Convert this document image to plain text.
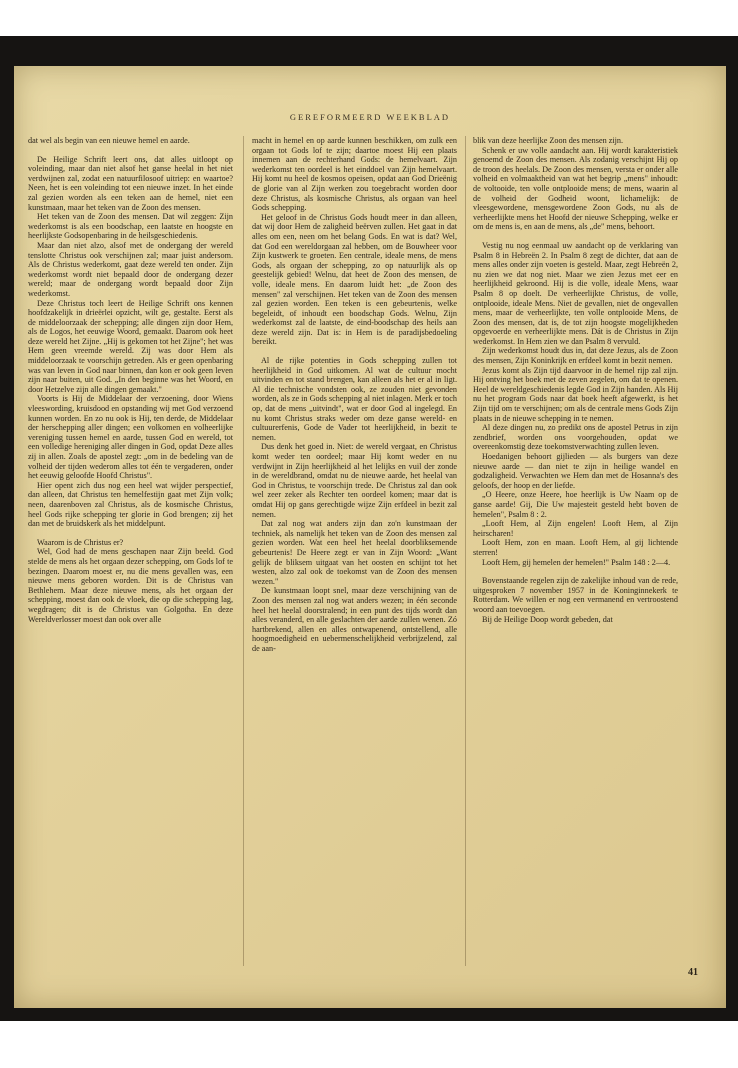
GEREFORMEERD WEEKBLAD

dat wel als begin van een nieuwe hemel en aarde.

De Heilige Schrift leert ons, dat alles uitloopt op voleinding, maar dan niet alsof het ganse heelal in het niet verdwijnen zal, zodat een natuurfilosoof uitriep: en waartoe? Neen, het is een voleinding tot een nieuwe inzet. In het einde zal gezien worden als een teken aan de hemel, niet een kunstmaan, maar het teken van de Zoon des mensen.

Het teken van de Zoon des mensen. Dat wil zeggen: Zijn wederkomst is als een boodschap, een laatste en hoogste en heerlijkste Godsopenbaring in de heilsgeschiedenis.

Maar dan niet alzo, alsof met de ondergang der wereld tenslotte Christus ook verschijnen zal; maar juist andersom. Als de Christus wederkomt, gaat deze wereld ten onder. Zijn wederkomst wordt niet bepaald door de ondergang dezer wereld; maar de ondergang wordt bepaald door Zijn wederkomst.

Deze Christus toch leert de Heilige Schrift ons kennen hoofdzakelijk in drieërlei opzicht, wilt ge, gestalte. Eerst als de middeloorzaak der schepping; alle dingen zijn door Hem, als de Logos, het eeuwige Woord, gemaakt. Daarom ook heet deze wereld het Zijne. „Hij is gekomen tot het Zijne"; het was Hem geen vreemde wereld. Zij was door Hem als middeloorzaak te voorschijn getreden. Als er geen openbaring was van leven in God naar binnen, dan kon er ook geen leven zijn naar buiten, uit God. „In den beginne was het Woord, en door Hetzelve zijn alle dingen gemaakt."

Voorts is Hij de Middelaar der verzoening, door Wiens vleeswording, kruisdood en opstanding wij met God verzoend kunnen worden. En zo nu ook is Hij, ten derde, de Middelaar der herschepping aller dingen; een volkomen en volheerlijke vereniging tussen hemel en aarde, tussen God en wereld, tot een volledige hereniging aller dingen in God, opdat Deze alles zij in allen. Zoals de apostel zegt: „om in de bedeling van de volheid der tijden wederom alles tot één te vergaderen, onder het eeuwig geloofde Hoofd Christus".

Hier opent zich dus nog een heel wat wijder perspectief, dan alleen, dat Christus ten hemelfestijn gaat met Zijn volk; neen, daarenboven zal Christus, als de kosmische Christus, heel Gods rijke schepping ter glorie in God brengen; zij het dan met de bruidskerk als het middelpunt.

Waarom is de Christus er?

Wel, God had de mens geschapen naar Zijn beeld. God stelde de mens als het orgaan dezer schepping, om Gods lof te bezingen. Daarom moest er, nu die mens gevallen was, een nieuwe mens geboren worden. Dit is de Christus van Bethlehem. Maar deze nieuwe mens, als het orgaan der schepping, moest dan ook de vloek, die op die schepping lag, wegdragen; dit is de Christus van Golgotha. En deze Wereldverlosser moest dan ook over alle

macht in hemel en op aarde kunnen beschikken, om zulk een orgaan tot Gods lof te zijn; daartoe moest Hij een plaats innemen aan de rechterhand Gods: de hemelvaart. Zijn wederkomst ten oordeel is het einddoel van Zijn hemelvaart. Hij komt nu heel de kosmos opeisen, opdat aan God Drieënig de glorie van al Zijn werken zou toegebracht worden door deze Christus, als kosmische Christus, als orgaan van heel Gods schepping.

Het geloof in de Christus Gods houdt meer in dan alleen, dat wij door Hem de zaligheid beërven zullen. Het gaat in dat alles om een, neen om het belang Gods. En wat is dat? Wel, dat God een wereldorgaan zal hebben, om de Bouwheer voor Zijn kustwerk te groeten. Een centrale, ideale mens, de mens Gods, als orgaan der schepping, zo op natuurlijk als op geestelijk gebied! Welnu, dat heet de Zoon des mensen, de volle, ideale mens. En daarom luidt het: „de Zoon des mensen" zal verschijnen. Het teken van de Zoon des mensen zal gezien worden. Een teken is een gebeurtenis, welke begeleidt, of inhoudt een boodschap Gods. Welnu, Zijn wederkomst zal de laatste, de eind-boodschap des heils aan deze wereld zijn. Dat is: in Hem is de paradijsbedoeling bereikt.

Al de rijke potenties in Gods schepping zullen tot heerlijkheid in God uitkomen. Al wat de cultuur mocht uitvinden en tot stand brengen, kan alleen als het er al in ligt. Al die technische vondsten ook, ze zouden niet gevonden worden, als ze in Gods schepping al niet inlagen. Merk er toch op, dat de mens „uitvindt", wat er door God al ingelegd. En nu komt Christus straks weder om deze ganse wereld- en cultuurerfenis, Gode de Vader tot heerlijkheid, in bezit te nemen.

Dus denk het goed in. Niet: de wereld vergaat, en Christus komt weder ten oordeel; maar Hij komt weder en nu verdwijnt in Zijn heerlijkheid al het lelijks en vuil der zonde in de wereldbrand, omdat nu de nieuwe aarde, het heelal van God in Christus, te voorschijn trede. De Christus zal dan ook wel zeer zeker als Rechter ten oordeel komen; maar dat is omdat Hij op gans gerechtigde wijze Zijn erfdeel in bezit zal nemen.

Dat zal nog wat anders zijn dan zo'n kunstmaan der techniek, als namelijk het teken van de Zoon des mensen zal gezien worden. Wat een heel het heelal doorbliksemende gebeurtenis! De Heere zegt er van in Zijn Woord: „Want gelijk de bliksem uitgaat van het oosten en schijnt tot het westen, alzo zal ook de toekomst van de Zoon des mensen wezen."

De kunstmaan loopt snel, maar deze verschijning van de Zoon des mensen zal nog wat anders wezen; in één seconde heel het heelal doorstralend; in een punt des tijds wordt dan alles veranderd, en alle geslachten der aarde zullen wenen. Zó hartbrekend, allen en alles ontwapenend, ontstellend, alle hoogmoedigheid en uebermenschelijkheid verbrijzelend, zal de aan-

blik van deze heerlijke Zoon des mensen zijn.

Schenk er uw volle aandacht aan. Hij wordt karakteristiek genoemd de Zoon des mensen. Als zodanig verschijnt Hij op de troon des heelals. De Zoon des mensen, versta er onder alle volheid en volmaaktheid van wat het begrip „mens" inhoudt: de voltooide, ten volle ontplooide mens; de mens, waarin al de volheid der Godheid woont, lichamelijk: de vleesgewordene, mensgewordene Zoon Gods, nu als de verheerlijkte mens het Hoofd der nieuwe Schepping, welke er om de mens is, en aan de mens, als „de" mens, behoort.

Vestig nu nog eenmaal uw aandacht op de verklaring van Psalm 8 in Hebreën 2. In Psalm 8 zegt de dichter, dat aan de mens alles onder zijn voeten is gesteld. Maar, zegt Hebreën 2, nu zien we dat nog niet. Maar we zien Jezus met eer en heerlijkheid gekroond. Hij is die volle, ideale Mens, waar Psalm 8 op doelt. De verheerlijkte Christus, de volle, ontplooide, ideale Mens. Niet de gevallen, niet de ongevallen mens, maar de verheerlijkte, ten volle ontplooide Mens, de Zoon des mensen, dat is, de tot zijn hoogste mogelijkheden opgevoerde en verheerlijkte mens. Dát is de Christus in Zijn wederkomst. In Hem zien we dan Psalm 8 vervuld.

Zijn wederkomst houdt dus in, dat deze Jezus, als de Zoon des mensen, Zijn Koninkrijk en erfdeel komt in bezit nemen.

Jezus komt als Zijn tijd daarvoor in de hemel rijp zal zijn. Hij ontving het boek met de zeven zegelen, om dat te openen. Heel de wereldgeschiedenis legde God in Zijn handen. Als Hij nu het program Gods naar dat boek heeft afgewerkt, is het Zijn tijd om te verschijnen; om als de centrale mens Gods Zijn plaats in de nieuwe schepping in te nemen.

Al deze dingen nu, zo predikt ons de apostel Petrus in zijn zendbrief, worden ons voorgehouden, opdat we overeenkomstig deze toekomstverwachting zullen leven.

Hoedanigen behoort gijlieden — als burgers van deze nieuwe aarde — dan niet te zijn in heilige wandel en godzaligheid. Verwachten we Hem dan met de Hosanna's des geloofs, der hoop en der liefde.

„O Heere, onze Heere, hoe heerlijk is Uw Naam op de ganse aarde! Gij, Die Uw majesteit gesteld hebt boven de hemelen", Psalm 8 : 2.

„Looft Hem, al Zijn engelen! Looft Hem, al Zijn heirscharen!

Looft Hem, zon en maan. Looft Hem, al gij lichtende sterren!

Looft Hem, gij hemelen der hemelen!" Psalm 148 : 2—4.

Bovenstaande regelen zijn de zakelijke inhoud van de rede, uitgesproken 7 november 1957 in de Koninginnekerk te Rotterdam. We willen er nog een vermanend en vertroostend woord aan toevoegen.

Bij de Heilige Doop wordt gebeden, dat

41
